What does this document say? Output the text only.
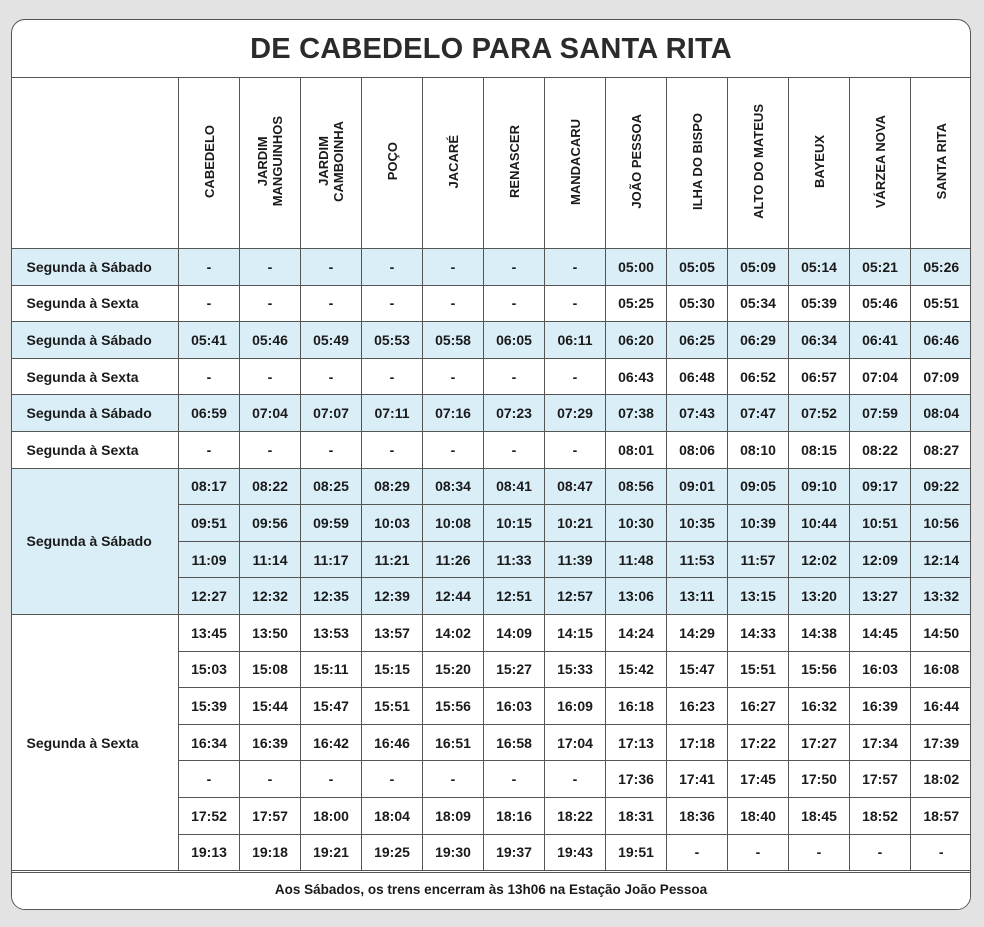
DE CABEDELO PARA SANTA RITA
	CABEDELO	JARDIM
MANGUINHOS	JARDIM
CAMBOINHA	POÇO	JACARÉ	RENASCER	MANDACARU	JOÃO PESSOA	ILHA DO BISPO	ALTO DO MATEUS	BAYEUX	VÁRZEA NOVA	SANTA RITA
Segunda à Sábado	-	-	-	-	-	-	-	05:00	05:05	05:09	05:14	05:21	05:26
Segunda à Sexta	-	-	-	-	-	-	-	05:25	05:30	05:34	05:39	05:46	05:51
Segunda à Sábado	05:41	05:46	05:49	05:53	05:58	06:05	06:11	06:20	06:25	06:29	06:34	06:41	06:46
Segunda à Sexta	-	-	-	-	-	-	-	06:43	06:48	06:52	06:57	07:04	07:09
Segunda à Sábado	06:59	07:04	07:07	07:11	07:16	07:23	07:29	07:38	07:43	07:47	07:52	07:59	08:04
Segunda à Sexta	-	-	-	-	-	-	-	08:01	08:06	08:10	08:15	08:22	08:27
Segunda à Sábado	08:17	08:22	08:25	08:29	08:34	08:41	08:47	08:56	09:01	09:05	09:10	09:17	09:22
	09:51	09:56	09:59	10:03	10:08	10:15	10:21	10:30	10:35	10:39	10:44	10:51	10:56
	11:09	11:14	11:17	11:21	11:26	11:33	11:39	11:48	11:53	11:57	12:02	12:09	12:14
	12:27	12:32	12:35	12:39	12:44	12:51	12:57	13:06	13:11	13:15	13:20	13:27	13:32
Segunda à Sexta	13:45	13:50	13:53	13:57	14:02	14:09	14:15	14:24	14:29	14:33	14:38	14:45	14:50
	15:03	15:08	15:11	15:15	15:20	15:27	15:33	15:42	15:47	15:51	15:56	16:03	16:08
	15:39	15:44	15:47	15:51	15:56	16:03	16:09	16:18	16:23	16:27	16:32	16:39	16:44
	16:34	16:39	16:42	16:46	16:51	16:58	17:04	17:13	17:18	17:22	17:27	17:34	17:39
	-	-	-	-	-	-	-	17:36	17:41	17:45	17:50	17:57	18:02
	17:52	17:57	18:00	18:04	18:09	18:16	18:22	18:31	18:36	18:40	18:45	18:52	18:57
	19:13	19:18	19:21	19:25	19:30	19:37	19:43	19:51	-	-	-	-	-
Aos Sábados, os trens encerram às 13h06 na Estação João Pessoa
